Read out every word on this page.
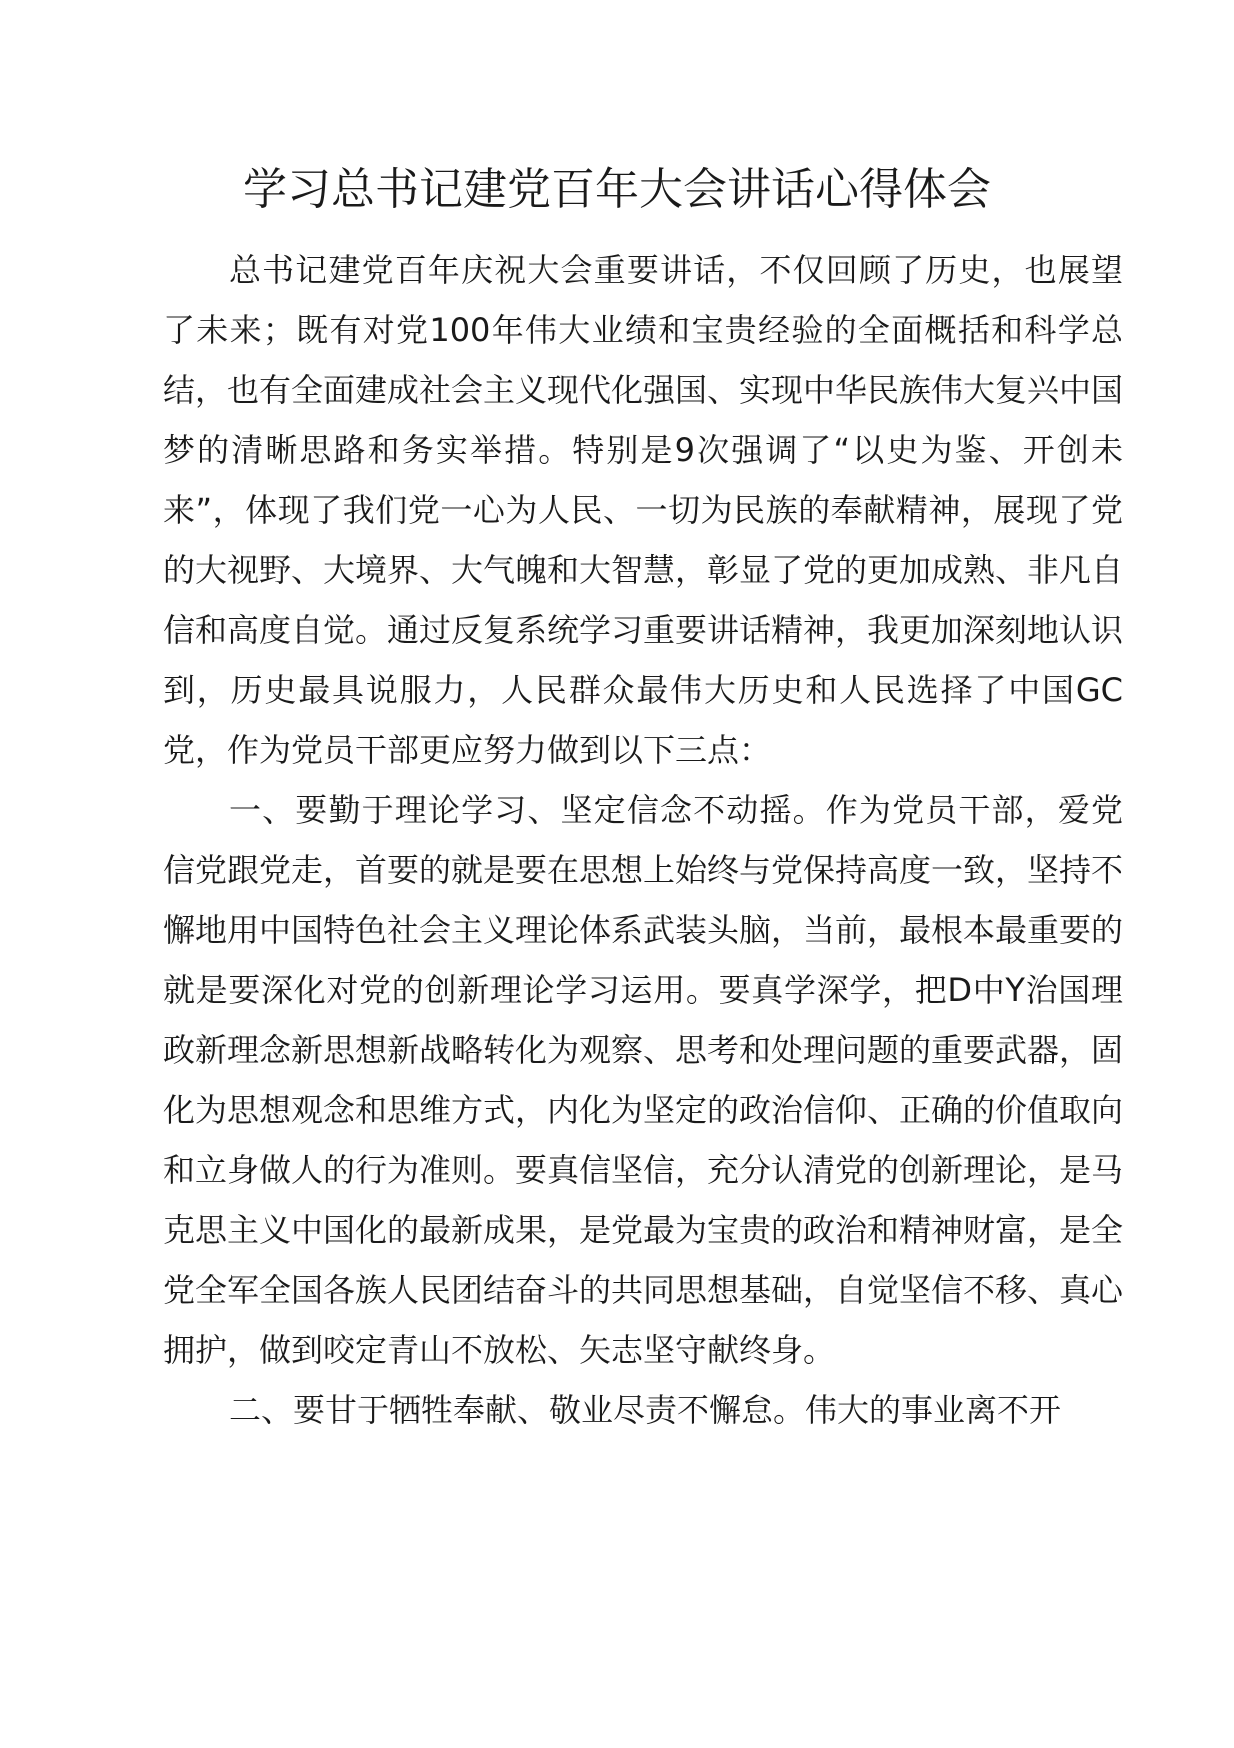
学习总书记建党百年大会讲话心得体会

总书记建党百年庆祝大会重要讲话，不仅回顾了历史，也展望了未来；既有对党100年伟大业绩和宝贵经验的全面概括和科学总结，也有全面建成社会主义现代化强国、实现中华民族伟大复兴中国梦的清晰思路和务实举措。特别是9次强调了“以史为鉴、开创未来”，体现了我们党一心为人民、一切为民族的奉献精神，展现了党的大视野、大境界、大气魄和大智慧，彰显了党的更加成熟、非凡自信和高度自觉。通过反复系统学习重要讲话精神，我更加深刻地认识到，历史最具说服力，人民群众最伟大历史和人民选择了中国GC党，作为党员干部更应努力做到以下三点：

一、要勤于理论学习、坚定信念不动摇。作为党员干部，爱党信党跟党走，首要的就是要在思想上始终与党保持高度一致，坚持不懈地用中国特色社会主义理论体系武装头脑，当前，最根本最重要的就是要深化对党的创新理论学习运用。要真学深学，把D中Y治国理政新理念新思想新战略转化为观察、思考和处理问题的重要武器，固化为思想观念和思维方式，内化为坚定的政治信仰、正确的价值取向和立身做人的行为准则。要真信坚信，充分认清党的创新理论，是马克思主义中国化的最新成果，是党最为宝贵的政治和精神财富，是全党全军全国各族人民团结奋斗的共同思想基础，自觉坚信不移、真心拥护，做到咬定青山不放松、矢志坚守献终身。

二、要甘于牺牲奉献、敬业尽责不懈怠。伟大的事业离不开
